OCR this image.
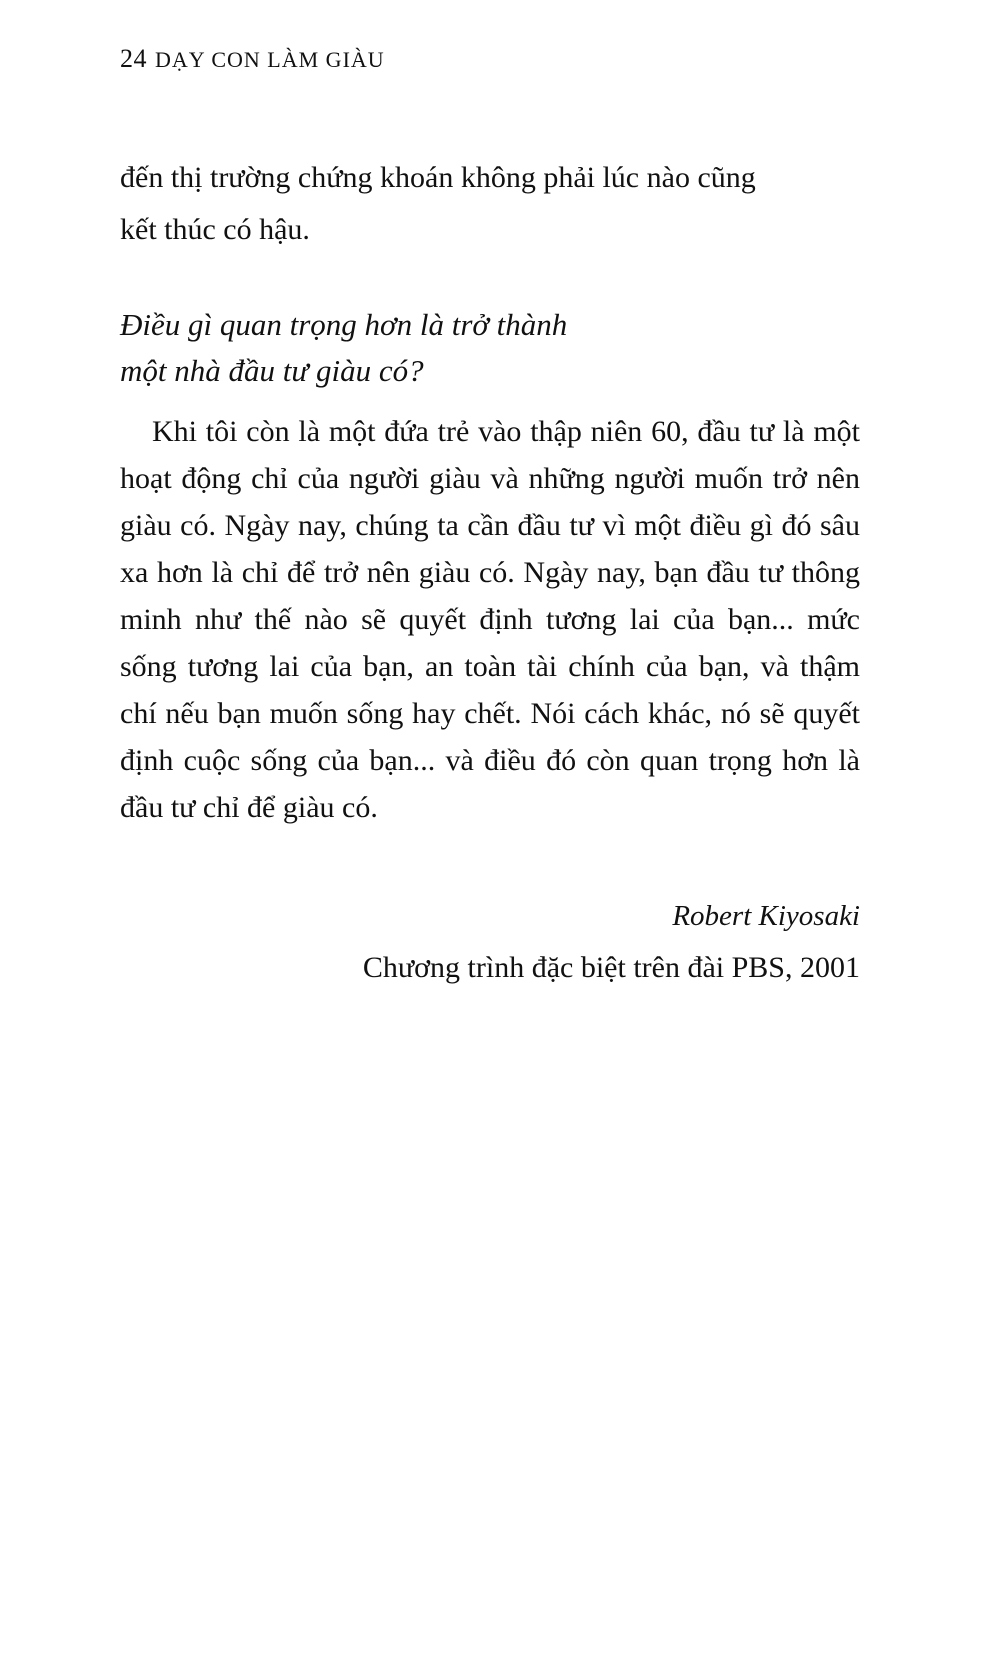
24 DẠY CON LÀM GIÀU

đến thị trường chứng khoán không phải lúc nào cũng

kết thúc có hậu.

Điều gì quan trọng hơn là trở thành

một nhà đầu tư giàu có?

Khi tôi còn là một đứa trẻ vào thập niên 60, đầu tư là một hoạt động chỉ của người giàu và những người muốn trở nên giàu có. Ngày nay, chúng ta cần đầu tư vì một điều gì đó sâu xa hơn là chỉ để trở nên giàu có. Ngày nay, bạn đầu tư thông minh như thế nào sẽ quyết định tương lai của bạn... mức sống tương lai của bạn, an toàn tài chính của bạn, và thậm chí nếu bạn muốn sống hay chết. Nói cách khác, nó sẽ quyết định cuộc sống của bạn... và điều đó còn quan trọng hơn là đầu tư chỉ để giàu có.

Robert Kiyosaki

Chương trình đặc biệt trên đài PBS, 2001
